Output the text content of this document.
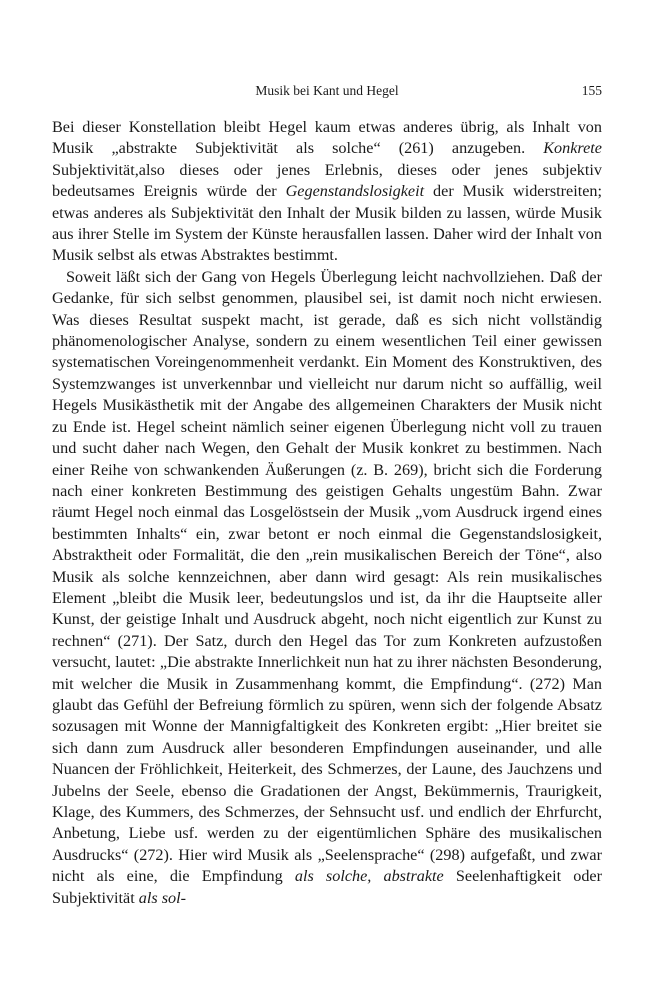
Musik bei Kant und Hegel	155

Bei dieser Konstellation bleibt Hegel kaum etwas anderes übrig, als Inhalt von Musik „abstrakte Subjektivität als solche“ (261) anzugeben. Konkrete Subjektivität,also dieses oder jenes Erlebnis, dieses oder jenes subjektiv bedeutsames Ereignis würde der Gegenstandslosigkeit der Musik widerstreiten; etwas anderes als Subjektivität den Inhalt der Musik bilden zu lassen, würde Musik aus ihrer Stelle im System der Künste herausfallen lassen. Daher wird der Inhalt von Musik selbst als etwas Abstraktes bestimmt.

Soweit läßt sich der Gang von Hegels Überlegung leicht nachvollziehen. Daß der Gedanke, für sich selbst genommen, plausibel sei, ist damit noch nicht erwiesen. Was dieses Resultat suspekt macht, ist gerade, daß es sich nicht vollständig phänomenologischer Analyse, sondern zu einem wesentlichen Teil einer gewissen systematischen Voreingenommenheit verdankt. Ein Moment des Konstruktiven, des Systemzwanges ist unverkennbar und vielleicht nur darum nicht so auffällig, weil Hegels Musikästhetik mit der Angabe des allgemeinen Charakters der Musik nicht zu Ende ist. Hegel scheint nämlich seiner eigenen Überlegung nicht voll zu trauen und sucht daher nach Wegen, den Gehalt der Musik konkret zu bestimmen. Nach einer Reihe von schwankenden Äußerungen (z. B. 269), bricht sich die Forderung nach einer konkreten Bestimmung des geistigen Gehalts ungestüm Bahn. Zwar räumt Hegel noch einmal das Losgelöstsein der Musik „vom Ausdruck irgend eines bestimmten Inhalts“ ein, zwar betont er noch einmal die Gegenstandslosigkeit, Abstraktheit oder Formalität, die den „rein musikalischen Bereich der Töne“, also Musik als solche kennzeichnen, aber dann wird gesagt: Als rein musikalisches Element „bleibt die Musik leer, bedeutungslos und ist, da ihr die Hauptseite aller Kunst, der geistige Inhalt und Ausdruck abgeht, noch nicht eigentlich zur Kunst zu rechnen“ (271). Der Satz, durch den Hegel das Tor zum Konkreten aufzustoßen versucht, lautet: „Die abstrakte Innerlichkeit nun hat zu ihrer nächsten Besonderung, mit welcher die Musik in Zusammenhang kommt, die Empfindung“. (272) Man glaubt das Gefühl der Befreiung förmlich zu spüren, wenn sich der folgende Absatz sozusagen mit Wonne der Mannigfaltigkeit des Konkreten ergibt: „Hier breitet sie sich dann zum Ausdruck aller besonderen Empfindungen auseinander, und alle Nuancen der Fröhlichkeit, Heiterkeit, des Schmerzes, der Laune, des Jauchzens und Jubelns der Seele, ebenso die Gradationen der Angst, Bekümmernis, Traurigkeit, Klage, des Kummers, des Schmerzes, der Sehnsucht usf. und endlich der Ehrfurcht, Anbetung, Liebe usf. werden zu der eigentümlichen Sphäre des musikalischen Ausdrucks“ (272). Hier wird Musik als „Seelensprache“ (298) aufgefaßt, und zwar nicht als eine, die Empfindung als solche, abstrakte Seelenhaftigkeit oder Subjektivität als sol-
